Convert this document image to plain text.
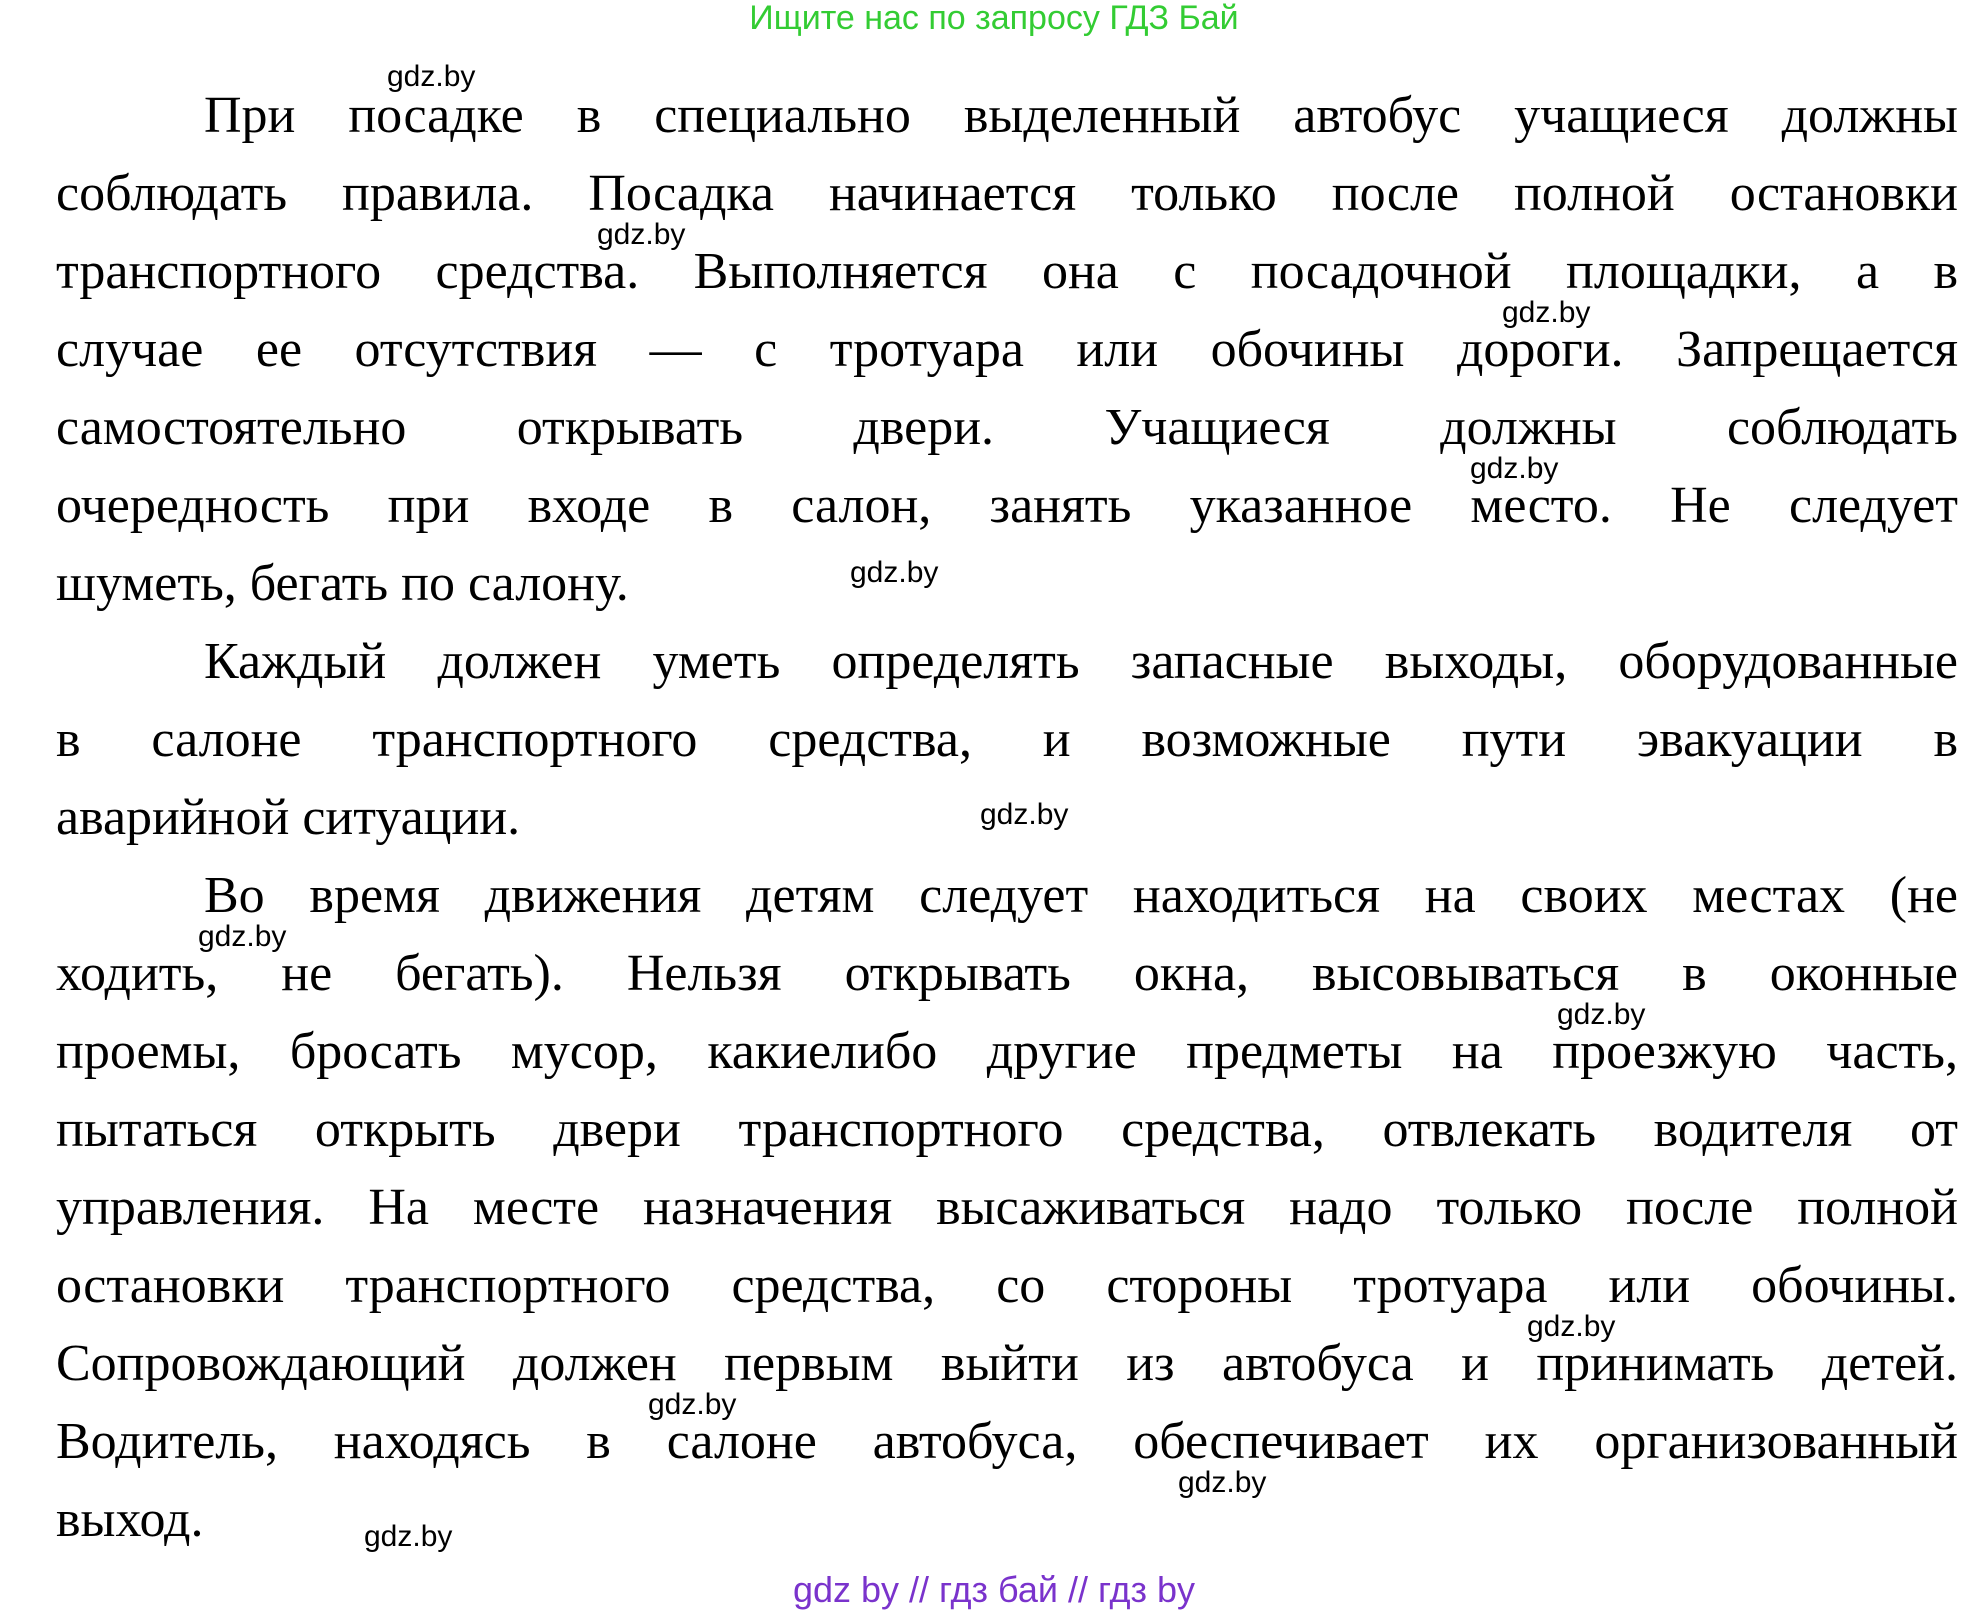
Ищите нас по запросу ГДЗ Бай
При посадке в специально выделенный автобус учащиеся должны
соблюдать правила. Посадка начинается только после полной остановки
транспортного средства. Выполняется она с посадочной площадки, а в
случае ее отсутствия — с тротуара или обочины дороги. Запрещается
самостоятельно открывать двери. Учащиеся должны соблюдать
очередность при входе в салон, занять указанное место. Не следует
шуметь, бегать по салону.
Каждый должен уметь определять запасные выходы, оборудованные
в салоне транспортного средства, и возможные пути эвакуации в
аварийной ситуации.
Во время движения детям следует находиться на своих местах (не
ходить, не бегать). Нельзя открывать окна, высовываться в оконные
проемы, бросать мусор, какиелибо другие предметы на проезжую часть,
пытаться открыть двери транспортного средства, отвлекать водителя от
управления. На месте назначения высаживаться надо только после полной
остановки транспортного средства, со стороны тротуара или обочины.
Сопровождающий должен первым выйти из автобуса и принимать детей.
Водитель, находясь в салоне автобуса, обеспечивает их организованный
выход.
gdz.by
gdz.by
gdz.by
gdz.by
gdz.by
gdz.by
gdz.by
gdz.by
gdz.by
gdz.by
gdz.by
gdz.by
gdz by // гдз бай // гдз by
